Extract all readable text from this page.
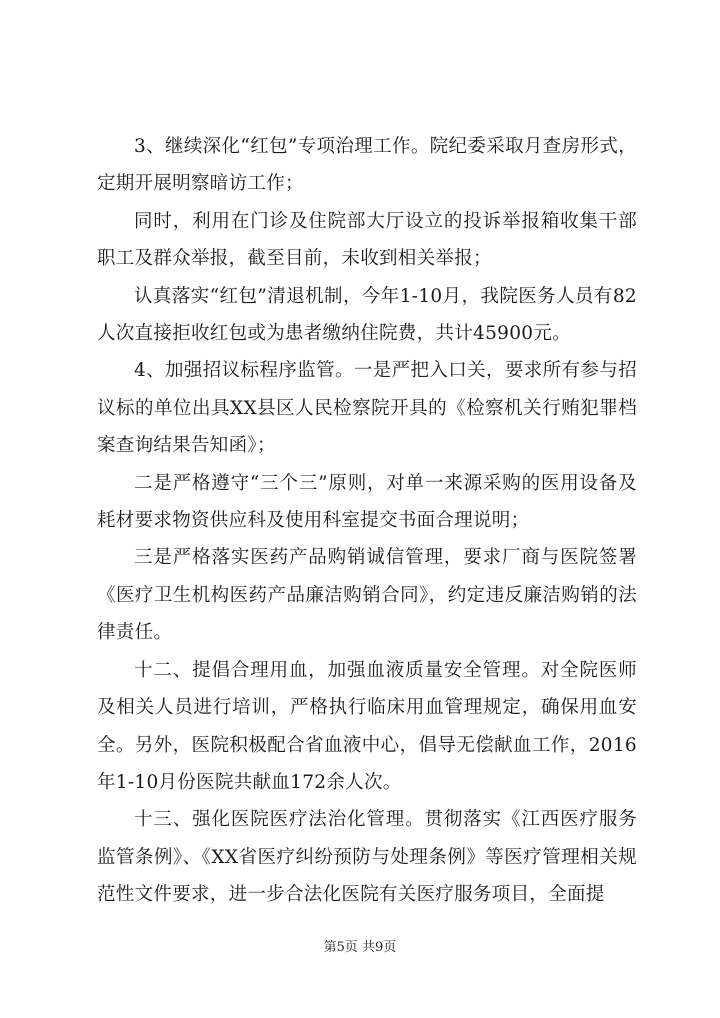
3、继续深化“红包”专项治理工作。院纪委采取月查房形式，定期开展明察暗访工作；

同时，利用在门诊及住院部大厅设立的投诉举报箱收集干部职工及群众举报，截至目前，未收到相关举报；

认真落实“红包”清退机制，今年1-10月，我院医务人员有82人次直接拒收红包或为患者缴纳住院费，共计45900元。

4、加强招议标程序监管。一是严把入口关，要求所有参与招议标的单位出具XX县区人民检察院开具的《检察机关行贿犯罪档案查询结果告知函》；

二是严格遵守“三个三”原则，对单一来源采购的医用设备及耗材要求物资供应科及使用科室提交书面合理说明；

三是严格落实医药产品购销诚信管理，要求厂商与医院签署《医疗卫生机构医药产品廉洁购销合同》，约定违反廉洁购销的法律责任。

十二、提倡合理用血，加强血液质量安全管理。对全院医师及相关人员进行培训，严格执行临床用血管理规定，确保用血安全。另外，医院积极配合省血液中心，倡导无偿献血工作，2016年1-10月份医院共献血172余人次。

十三、强化医院医疗法治化管理。贯彻落实《江西医疗服务监管条例》、《XX省医疗纠纷预防与处理条例》等医疗管理相关规范性文件要求，进一步合法化医院有关医疗服务项目，全面提

第5页 共9页
